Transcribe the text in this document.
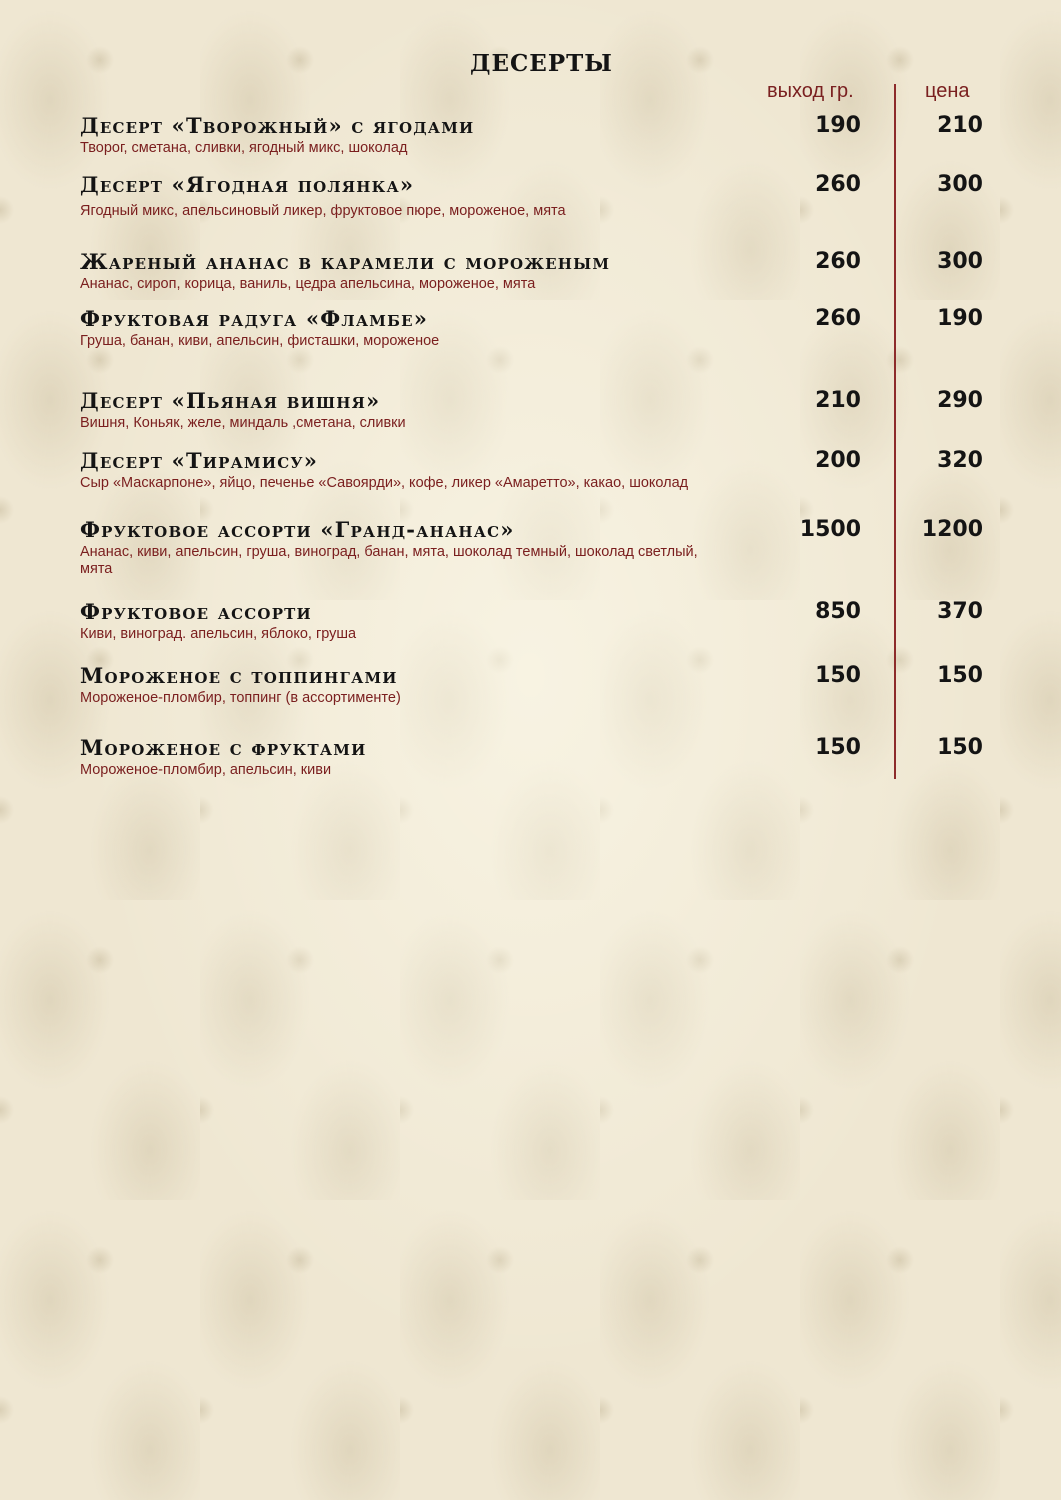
ДЕСЕРТЫ
выход гр.	цена
Десерт «Творожный» с ягодами
Творог, сметана, сливки, ягодный микс, шоколад
190	210
Десерт «Ягодная полянка»
Ягодный микс, апельсиновый ликер, фруктовое пюре, мороженое, мята
260	300
Жареный ананас в карамели с мороженым
Ананас, сироп, корица, ваниль, цедра апельсина, мороженое, мята
260	300
Фруктовая радуга «Фламбе»
Груша, банан, киви, апельсин, фисташки, мороженое
260	190
Десерт «Пьяная вишня»
Вишня, Коньяк, желе, миндаль ,сметана, сливки
210	290
Десерт «Тирамису»
Сыр «Маскарпоне», яйцо, печенье «Савоярди», кофе, ликер «Амаретто», какао, шоколад
200	320
Фруктовое ассорти «Гранд-ананас»
Ананас, киви, апельсин, груша, виноград, банан, мята, шоколад темный, шоколад светлый, мята
1500	1200
Фруктовое ассорти
Киви, виноград. апельсин, яблоко, груша
850	370
Мороженое с топпингами
Мороженое-пломбир, топпинг (в ассортименте)
150	150
Мороженое с фруктами
Мороженое-пломбир, апельсин, киви
150	150
